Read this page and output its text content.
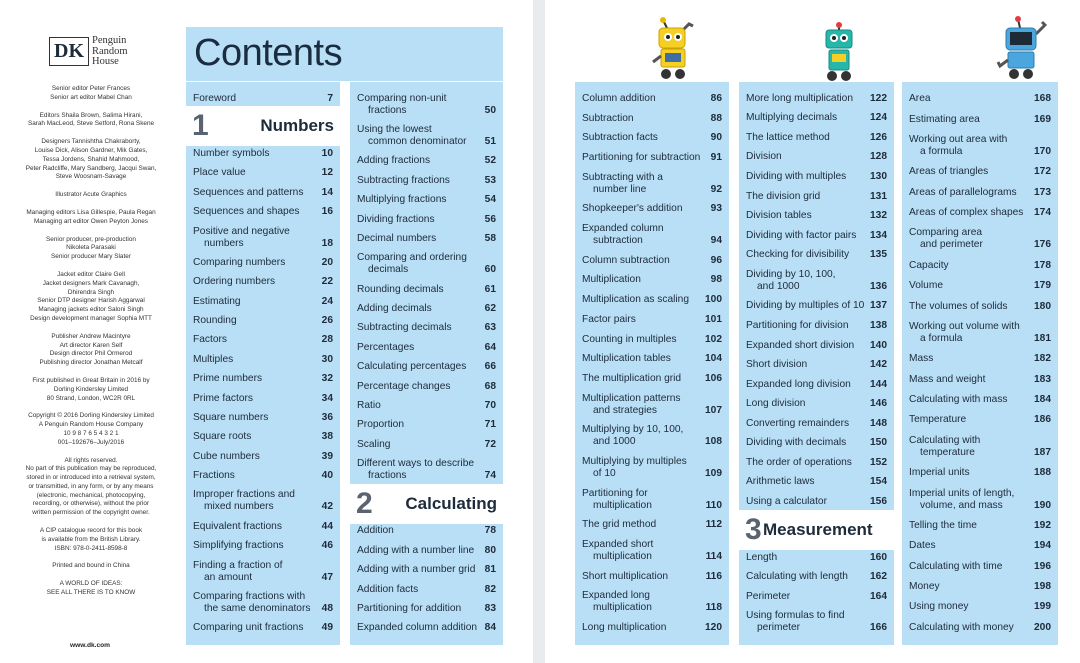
DK Penguin
Random
House
Senior editor Peter Frances
Senior art editor Mabel Chan
Editors Shaila Brown, Salima Hirani,
Sarah MacLeod, Steve Setford, Rona Skene
Designers Tannishtha Chakraborty,
Louise Dick, Alison Gardner, Mik Gates,
Tessa Jordens, Shahid Mahmood,
Peter Radcliffe, Mary Sandberg, Jacqui Swan,
Steve Woosnam-Savage
Illustrator Acute Graphics
Managing editors Lisa Gillespie, Paula Regan
Managing art editor Owen Peyton Jones
Senior producer, pre-production
Nikoleta Parasaki
Senior producer Mary Slater
Jacket editor Claire Gell
Jacket designers Mark Cavanagh,
Dhirendra Singh
Senior DTP designer Harish Aggarwal
Managing jackets editor Saloni Singh
Design development manager Sophia MTT
Publisher Andrew Macintyre
Art director Karen Self
Design director Phil Ormerod
Publishing director Jonathan Metcalf
First published in Great Britain in 2016 by
Dorling Kindersley Limited
80 Strand, London, WC2R 0RL
Copyright © 2016 Dorling Kindersley Limited
A Penguin Random House Company
10 9 8 7 6 5 4 3 2 1
001–192676–July/2016
All rights reserved.
No part of this publication may be reproduced,
stored in or introduced into a retrieval system,
or transmitted, in any form, or by any means
(electronic, mechanical, photocopying,
recording, or otherwise), without the prior
written permission of the copyright owner.
A CIP catalogue record for this book
is available from the British Library.
ISBN: 978-0-2411-8598-8
Printed and bound in China
A WORLD OF IDEAS:
SEE ALL THERE IS TO KNOW
www.dk.com
Contents
Foreword	7
1	Numbers
Number symbols	10
Place value	12
Sequences and patterns	14
Sequences and shapes	16
Positive and negative
numbers	18
Comparing numbers	20
Ordering numbers	22
Estimating	24
Rounding	26
Factors	28
Multiples	30
Prime numbers	32
Prime factors	34
Square numbers	36
Square roots	38
Cube numbers	39
Fractions	40
Improper fractions and
mixed numbers	42
Equivalent fractions	44
Simplifying fractions	46
Finding a fraction of
an amount	47
Comparing fractions with
the same denominators	48
Comparing unit fractions	49
Comparing non-unit
fractions	50
Using the lowest
common denominator	51
Adding fractions	52
Subtracting fractions	53
Multiplying fractions	54
Dividing fractions	56
Decimal numbers	58
Comparing and ordering
decimals	60
Rounding decimals	61
Adding decimals	62
Subtracting decimals	63
Percentages	64
Calculating percentages	66
Percentage changes	68
Ratio	70
Proportion	71
Scaling	72
Different ways to describe
fractions	74
2 Calculating
Addition	78
Adding with a number line	80
Adding with a number grid 81
Addition facts	82
Partitioning for addition	83
Expanded column addition 84
Column addition	86
Subtraction	88
Subtraction facts	90
Partitioning for subtraction	91
Subtracting with a
number line	92
Shopkeeper's addition	93
Expanded column
subtraction	94
Column subtraction	96
Multiplication	98
Multiplication as scaling	100
Factor pairs	101
Counting in multiples	102
Multiplication tables	104
The multiplication grid	106
Multiplication patterns
and strategies	107
Multiplying by 10, 100,
and 1000	108
Multiplying by multiples
of 10	109
Partitioning for
multiplication	110
The grid method	112
Expanded short
multiplication	114
Short multiplication	116
Expanded long
multiplication	118
Long multiplication	120
More long multiplication	122
Multiplying decimals	124
The lattice method	126
Division	128
Dividing with multiples	130
The division grid	131
Division tables	132
Dividing with factor pairs	134
Checking for divisibility	135
Dividing by 10, 100,
and 1000	136
Dividing by multiples of 10 137
Partitioning for division	138
Expanded short division	140
Short division	142
Expanded long division	144
Long division	146
Converting remainders	148
Dividing with decimals	150
The order of operations	152
Arithmetic laws	154
Using a calculator	156
3 Measurement
Length	160
Calculating with length	162
Perimeter	164
Using formulas to find
perimeter	166
Area	168
Estimating area	169
Working out area with
a formula	170
Areas of triangles	172
Areas of parallelograms	173
Areas of complex shapes	174
Comparing area
and perimeter	176
Capacity	178
Volume	179
The volumes of solids	180
Working out volume with
a formula	181
Mass	182
Mass and weight	183
Calculating with mass	184
Temperature	186
Calculating with
temperature	187
Imperial units	188
Imperial units of length,
volume, and mass	190
Telling the time	192
Dates	194
Calculating with time	196
Money	198
Using money	199
Calculating with money	200
